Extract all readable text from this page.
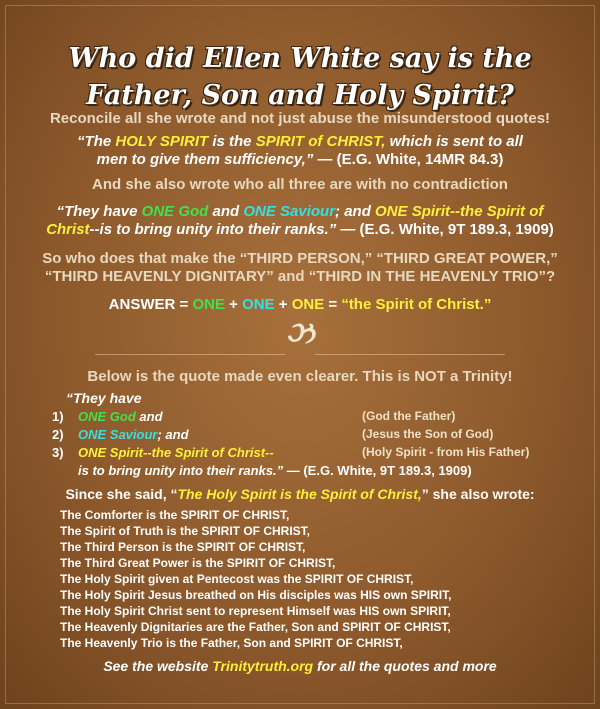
Who did Ellen White say is the
Father, Son and Holy Spirit?
Reconcile all she wrote and not just abuse the misunderstood quotes!
“The HOLY SPIRIT is the SPIRIT of CHRIST, which is sent to all
men to give them sufficiency,” — (E.G. White, 14MR 84.3)
And she also wrote who all three are with no contradiction
“They have ONE God and ONE Saviour; and ONE Spirit--the Spirit of
Christ--is to bring unity into their ranks.” — (E.G. White, 9T 189.3, 1909)
So who does that make the “THIRD PERSON,” “THIRD GREAT POWER,”
“THIRD HEAVENLY DIGNITARY” and “THIRD IN THE HEAVENLY TRIO”?
ANSWER = ONE + ONE + ONE = “the Spirit of Christ.”
ઝ
Below is the quote made even clearer. This is NOT a Trinity!
“They have
1) ONE God and	(God the Father)
2) ONE Saviour; and	(Jesus the Son of God)
3) ONE Spirit--the Spirit of Christ--	(Holy Spirit - from His Father)
is to bring unity into their ranks.” — (E.G. White, 9T 189.3, 1909)
Since she said, “The Holy Spirit is the Spirit of Christ,” she also wrote:
The Comforter is the SPIRIT OF CHRIST,
The Spirit of Truth is the SPIRIT OF CHRIST,
The Third Person is the SPIRIT OF CHRIST,
The Third Great Power is the SPIRIT OF CHRIST,
The Holy Spirit given at Pentecost was the SPIRIT OF CHRIST,
The Holy Spirit Jesus breathed on His disciples was HIS own SPIRIT,
The Holy Spirit Christ sent to represent Himself was HIS own SPIRIT,
The Heavenly Dignitaries are the Father, Son and SPIRIT OF CHRIST,
The Heavenly Trio is the Father, Son and SPIRIT OF CHRIST,
See the website Trinitytruth.org for all the quotes and more
